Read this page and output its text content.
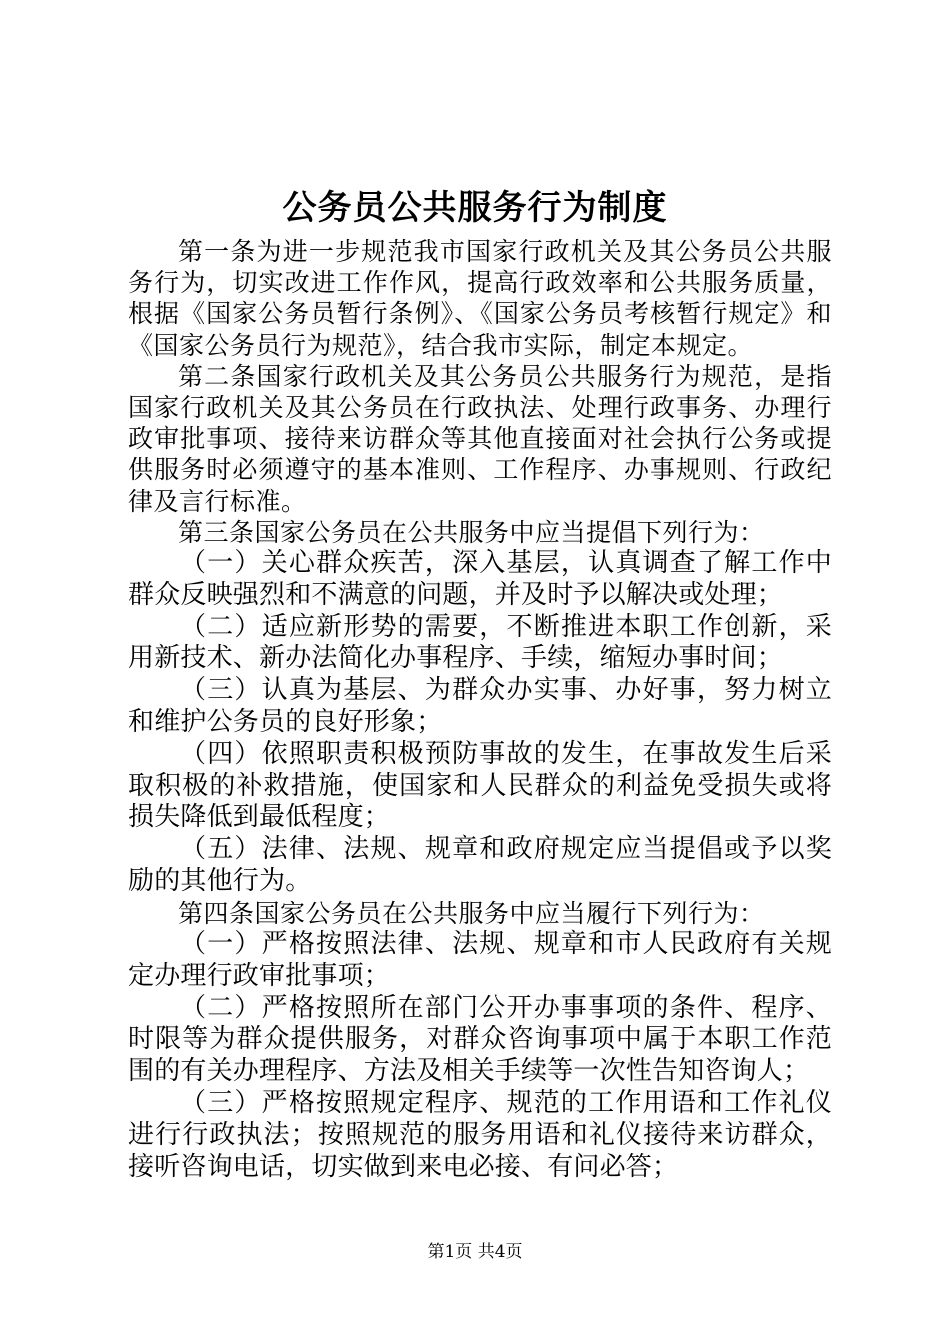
公务员公共服务行为制度

第一条为进一步规范我市国家行政机关及其公务员公共服务行为，切实改进工作作风，提高行政效率和公共服务质量，根据《国家公务员暂行条例》、《国家公务员考核暂行规定》和《国家公务员行为规范》，结合我市实际，制定本规定。

第二条国家行政机关及其公务员公共服务行为规范，是指国家行政机关及其公务员在行政执法、处理行政事务、办理行政审批事项、接待来访群众等其他直接面对社会执行公务或提供服务时必须遵守的基本准则、工作程序、办事规则、行政纪律及言行标准。

第三条国家公务员在公共服务中应当提倡下列行为：

（一）关心群众疾苦，深入基层，认真调查了解工作中群众反映强烈和不满意的问题，并及时予以解决或处理；

（二）适应新形势的需要，不断推进本职工作创新，采用新技术、新办法简化办事程序、手续，缩短办事时间；

（三）认真为基层、为群众办实事、办好事，努力树立和维护公务员的良好形象；

（四）依照职责积极预防事故的发生，在事故发生后采取积极的补救措施，使国家和人民群众的利益免受损失或将损失降低到最低程度；

（五）法律、法规、规章和政府规定应当提倡或予以奖励的其他行为。

第四条国家公务员在公共服务中应当履行下列行为：

（一）严格按照法律、法规、规章和市人民政府有关规定办理行政审批事项；

（二）严格按照所在部门公开办事事项的条件、程序、时限等为群众提供服务，对群众咨询事项中属于本职工作范围的有关办理程序、方法及相关手续等一次性告知咨询人；

（三）严格按照规定程序、规范的工作用语和工作礼仪进行行政执法；按照规范的服务用语和礼仪接待来访群众，接听咨询电话，切实做到来电必接、有问必答；

第1页 共4页
